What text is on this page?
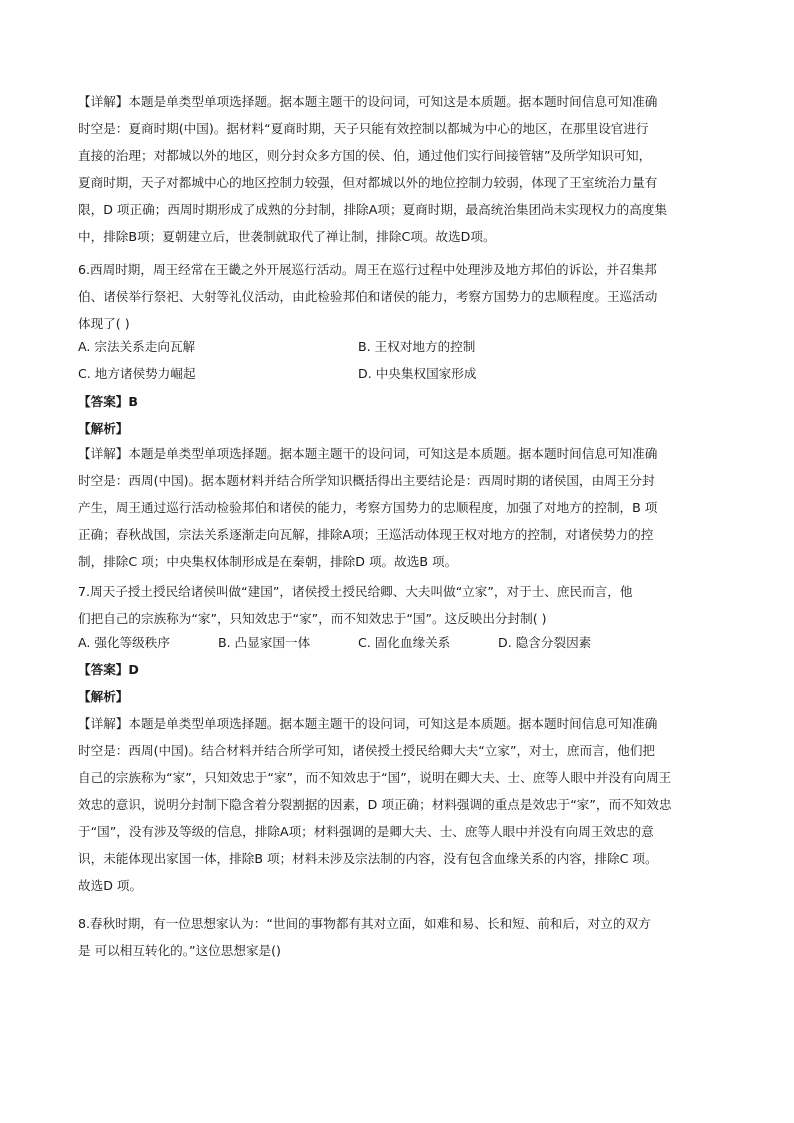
【详解】本题是单类型单项选择题。据本题主题干的设问词，可知这是本质题。据本题时间信息可知准确
时空是：夏商时期(中国)。据材料“夏商时期，天子只能有效控制以都城为中心的地区，在那里设官进行
直接的治理；对都城以外的地区，则分封众多方国的侯、伯，通过他们实行间接管辖”及所学知识可知，
夏商时期，天子对都城中心的地区控制力较强，但对都城以外的地位控制力较弱，体现了王室统治力量有
限，D 项正确；西周时期形成了成熟的分封制，排除A项；夏商时期，最高统治集团尚未实现权力的高度集
中，排除B项；夏朝建立后，世袭制就取代了禅让制，排除C项。故选D项。
6.西周时期，周王经常在王畿之外开展巡行活动。周王在巡行过程中处理涉及地方邦伯的诉讼，并召集邦
伯、诸侯举行祭祀、大射等礼仪活动，由此检验邦伯和诸侯的能力，考察方国势力的忠顺程度。王巡活动
体现了( )
A. 宗法关系走向瓦解	B. 王权对地方的控制
C. 地方诸侯势力崛起	D. 中央集权国家形成
【答案】B
【解析】
【详解】本题是单类型单项选择题。据本题主题干的设问词，可知这是本质题。据本题时间信息可知准确
时空是：西周(中国)。据本题材料并结合所学知识概括得出主要结论是：西周时期的诸侯国，由周王分封
产生，周王通过巡行活动检验邦伯和诸侯的能力，考察方国势力的忠顺程度，加强了对地方的控制，B 项
正确；春秋战国，宗法关系逐渐走向瓦解，排除A项；王巡活动体现王权对地方的控制，对诸侯势力的控
制，排除C 项；中央集权体制形成是在秦朝，排除D 项。故选B 项。
7.周天子授土授民给诸侯叫做“建国”，诸侯授土授民给卿、大夫叫做“立家”，对于士、庶民而言，他
们把自己的宗族称为“家”，只知效忠于“家”，而不知效忠于“国”。这反映出分封制( )
A. 强化等级秩序	B. 凸显家国一体	C. 固化血缘关系	D. 隐含分裂因素
【答案】D
【解析】
【详解】本题是单类型单项选择题。据本题主题干的设问词，可知这是本质题。据本题时间信息可知准确
时空是：西周(中国)。结合材料并结合所学可知，诸侯授土授民给卿大夫“立家”，对士，庶而言，他们把
自己的宗族称为“家”，只知效忠于“家”，而不知效忠于“国”，说明在卿大夫、士、庶等人眼中并没有向周王
效忠的意识，说明分封制下隐含着分裂割据的因素，D 项正确；材料强调的重点是效忠于“家”，而不知效忠
于“国”，没有涉及等级的信息，排除A项；材料强调的是卿大夫、士、庶等人眼中并没有向周王效忠的意
识，未能体现出家国一体，排除B 项；材料未涉及宗法制的内容，没有包含血缘关系的内容，排除C 项。
故选D 项。
8.春秋时期，有一位思想家认为：“世间的事物都有其对立面，如难和易、长和短、前和后，对立的双方
是 可以相互转化的。”这位思想家是()
